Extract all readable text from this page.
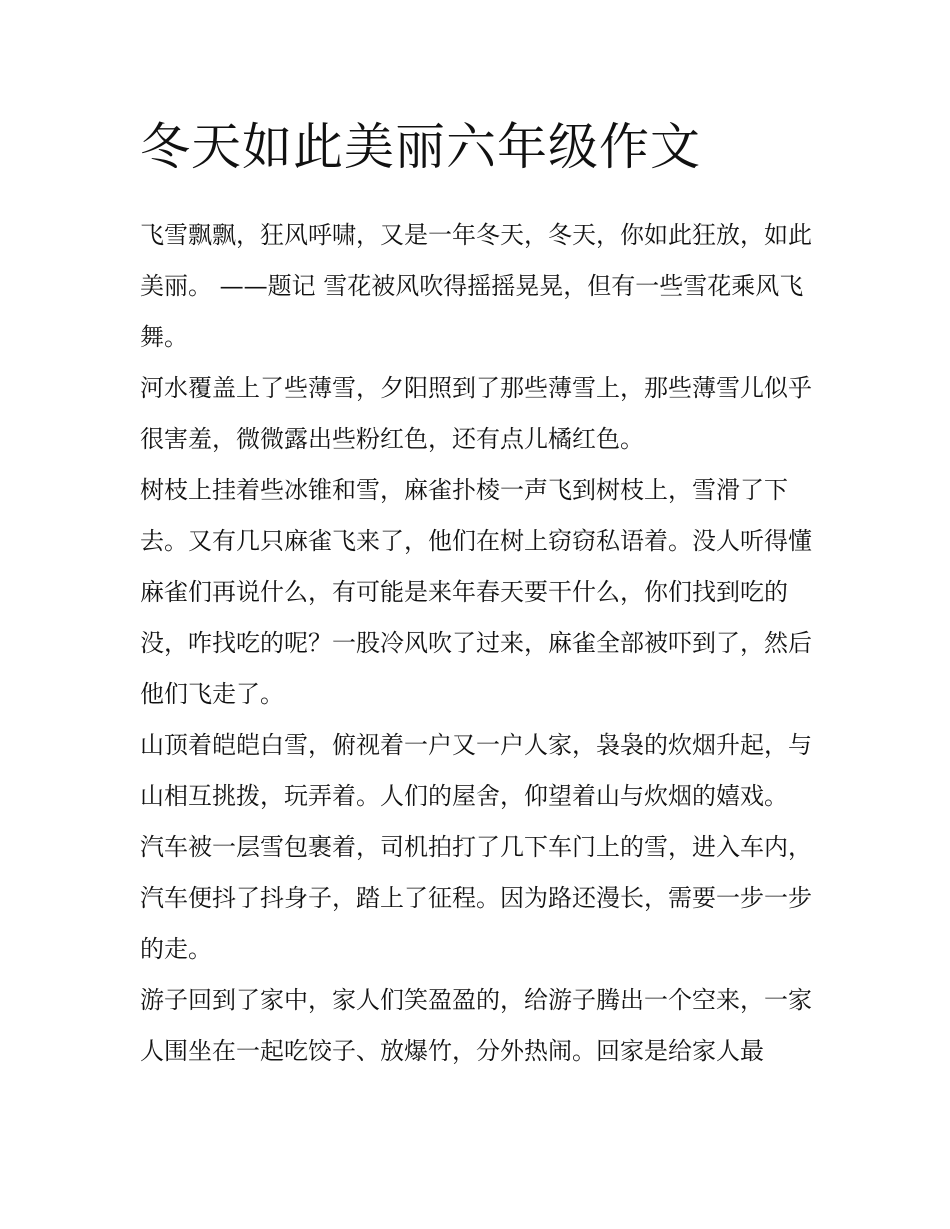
冬天如此美丽六年级作文

飞雪飘飘，狂风呼啸，又是一年冬天，冬天，你如此狂放，如此美丽。 ——题记 雪花被风吹得摇摇晃晃，但有一些雪花乘风飞舞。

河水覆盖上了些薄雪，夕阳照到了那些薄雪上，那些薄雪儿似乎很害羞，微微露出些粉红色，还有点儿橘红色。

树枝上挂着些冰锥和雪，麻雀扑棱一声飞到树枝上，雪滑了下去。又有几只麻雀飞来了，他们在树上窃窃私语着。没人听得懂麻雀们再说什么，有可能是来年春天要干什么，你们找到吃的没，咋找吃的呢？一股冷风吹了过来，麻雀全部被吓到了，然后他们飞走了。

山顶着皑皑白雪，俯视着一户又一户人家，袅袅的炊烟升起，与山相互挑拨，玩弄着。人们的屋舍，仰望着山与炊烟的嬉戏。

汽车被一层雪包裹着，司机拍打了几下车门上的雪，进入车内，汽车便抖了抖身子，踏上了征程。因为路还漫长，需要一步一步的走。

游子回到了家中，家人们笑盈盈的，给游子腾出一个空来，一家人围坐在一起吃饺子、放爆竹，分外热闹。回家是给家人最
